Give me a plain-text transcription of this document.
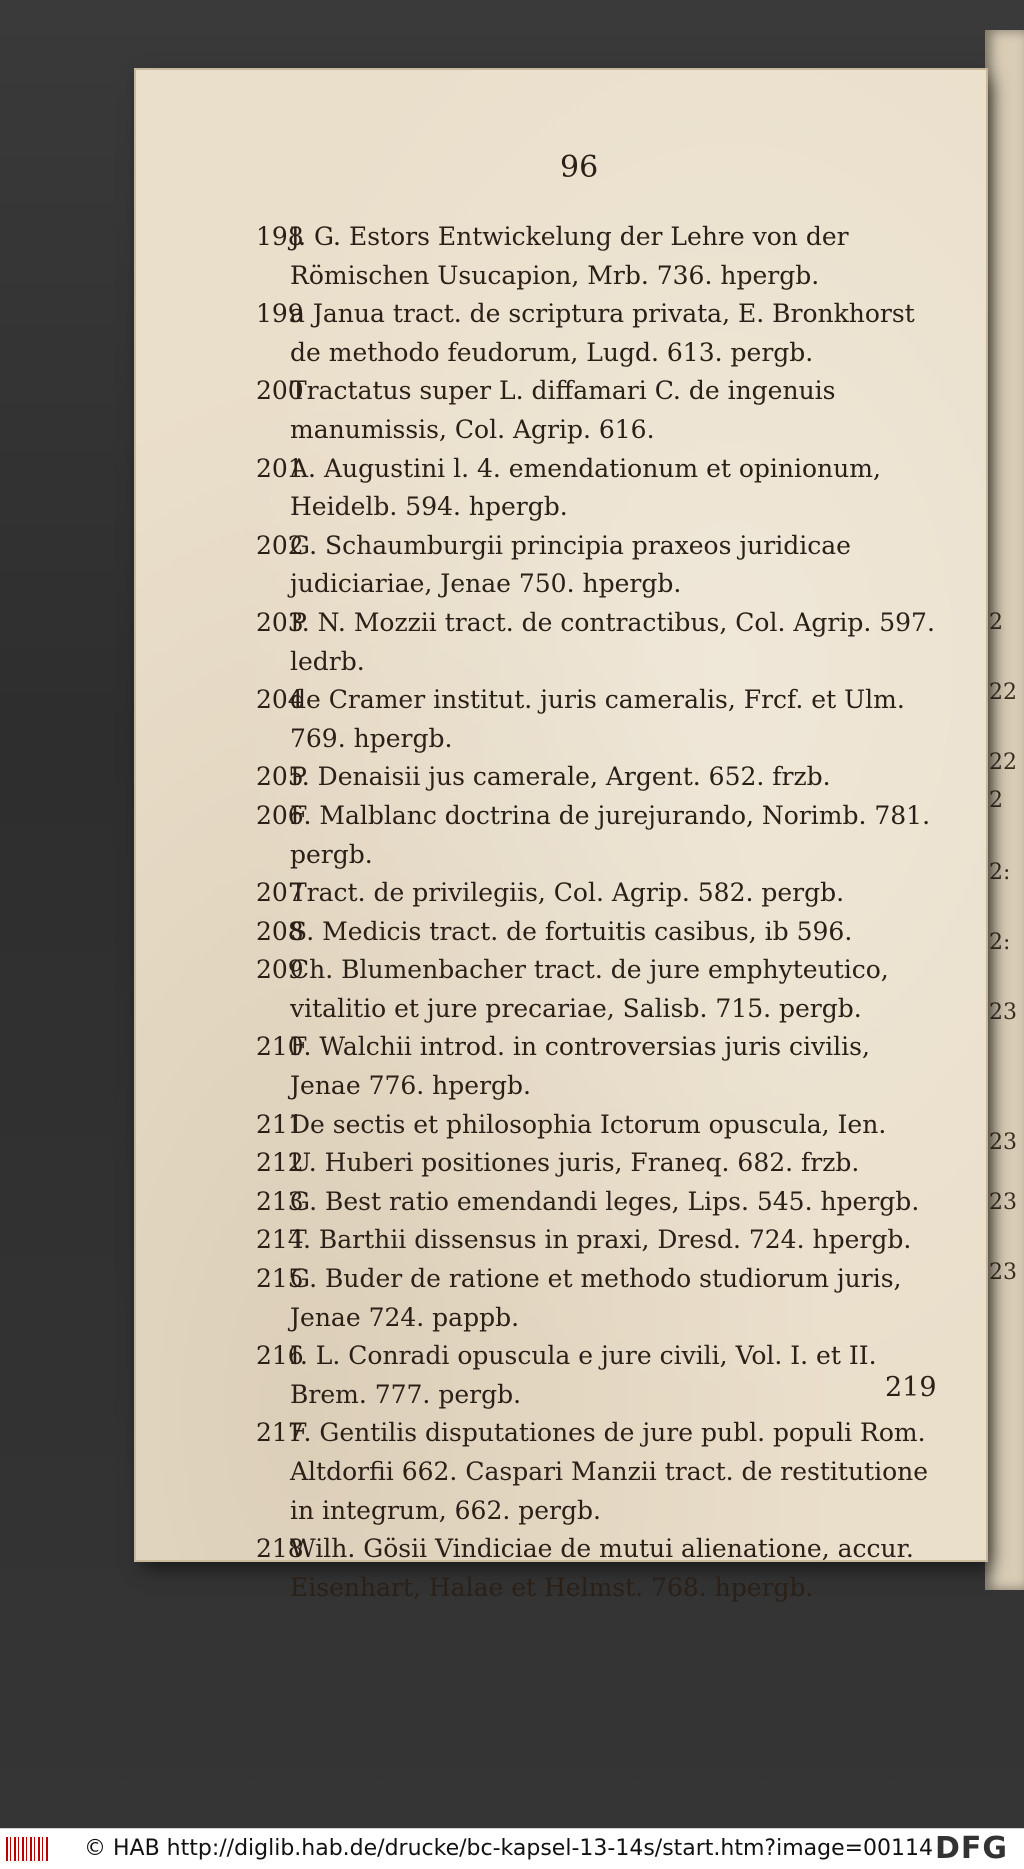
2
22
22
2
2:
2:
23
23
23
23
96
198
J. G. Estors Entwickelung der Lehre von der Römischen Usucapion, Mrb. 736. hpergb.
199
a Janua tract. de scriptura privata, E. Bronkhorst de methodo feudorum, Lugd. 613. pergb.
200
Tractatus super L. diffamari C. de ingenuis manumissis, Col. Agrip. 616.
201
A. Augustini l. 4. emendationum et opinionum, Heidelb. 594. hpergb.
202
G. Schaumburgii principia praxeos juridicae judiciariae, Jenae 750. hpergb.
203
P. N. Mozzii tract. de contractibus, Col. Agrip. 597. ledrb.
204
de Cramer institut. juris cameralis, Frcf. et Ulm. 769. hpergb.
205
P. Denaisii jus camerale, Argent. 652. frzb.
206
F. Malblanc doctrina de jurejurando, Norimb. 781. pergb.
207
Tract. de privilegiis, Col. Agrip. 582. pergb.
208
S. Medicis tract. de fortuitis casibus, ib 596.
209
Ch. Blumenbacher tract. de jure emphyteutico, vitalitio et jure precariae, Salisb. 715. pergb.
210
F. Walchii introd. in controversias juris civilis, Jenae 776. hpergb.
211
De sectis et philosophia Ictorum opuscula, Ien.
212
U. Huberi positiones juris, Franeq. 682. frzb.
213
G. Best ratio emendandi leges, Lips. 545. hpergb.
214
T. Barthii dissensus in praxi, Dresd. 724. hpergb.
215
G. Buder de ratione et methodo studiorum juris, Jenae 724. pappb.
216
I. L. Conradi opuscula e jure civili, Vol. I. et II. Brem. 777. pergb.
217
F. Gentilis disputationes de jure publ. populi Rom. Altdorfii 662. Caspari Manzii tract. de restitutione in integrum, 662. pergb.
218
Wilh. Gösii Vindiciae de mutui alienatione, accur. Eisenhart, Halae et Helmst. 768. hpergb.
219
© HAB http://diglib.hab.de/drucke/bc-kapsel-13-14s/start.htm?image=00114 DFG
